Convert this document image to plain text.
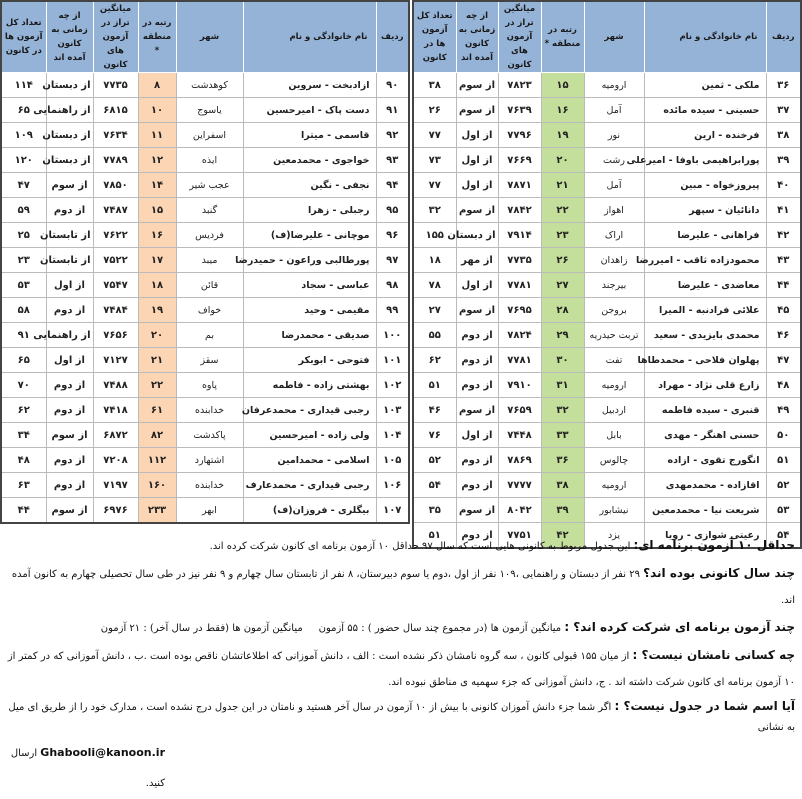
ردیف	نام خانوادگی و نام	شهر	رتبه در منطقه *	میانگین تراز در آزمون های کانون	از چه زمانی به کانون آمده اند	تعداد کل آزمون ها در کانون
۹۰	ازادبخت - سروین	کوهدشت	۸	۷۷۳۵	از دبستان	۱۱۴
۹۱	دست پاک - امیرحسین	یاسوج	۱۰	۶۸۱۵	از راهنمایی	۶۵
۹۲	قاسمی - میترا	اسفراین	۱۱	۷۶۳۴	از دبستان	۱۰۹
۹۳	خواجوی - محمدمعین	ایذه	۱۲	۷۷۸۹	از دبستان	۱۲۰
۹۴	نجفی - نگین	عجب شیر	۱۴	۷۸۵۰	از سوم	۴۷
۹۵	رجبلی - زهرا	گنبد	۱۵	۷۴۸۷	از دوم	۵۹
۹۶	موچانی - علیرضا(ف)	فردیس	۱۶	۷۶۲۲	از تابستان	۲۵
۹۷	پورطالبی وراعون - حمیدرضا	میبد	۱۷	۷۵۲۲	از تابستان	۲۳
۹۸	عباسی - سجاد	قائن	۱۸	۷۵۴۷	از اول	۵۳
۹۹	مقیمی - وحید	خواف	۱۹	۷۴۸۴	از دوم	۵۸
۱۰۰	صدیقی - محمدرضا	بم	۲۰	۷۶۵۶	از راهنمایی	۹۱
۱۰۱	فتوحی - ابوبکر	سقز	۲۱	۷۱۲۷	از اول	۶۵
۱۰۲	بهشتی زاده - فاطمه	پاوه	۲۲	۷۴۸۸	از دوم	۷۰
۱۰۳	رجبی قیداری - محمدعرفان	خدابنده	۶۱	۷۴۱۸	از دوم	۶۲
۱۰۴	ولی زاده - امیرحسین	پاکدشت	۸۲	۶۸۷۲	از سوم	۳۴
۱۰۵	اسلامی - محمدامین	اشتهارد	۱۱۲	۷۲۰۸	از دوم	۴۸
۱۰۶	رجبی قیداری - محمدعارف	خدابنده	۱۶۰	۷۱۹۷	از دوم	۶۳
۱۰۷	بیگلری - فروزان(ف)	ابهر	۲۳۳	۶۹۷۶	از سوم	۴۴
ردیف	نام خانوادگی و نام	شهر	رتبه در منطقه *	میانگین تراز در آزمون های کانون	از چه زمانی به کانون آمده اند	تعداد کل آزمون ها در کانون
۳۶	ملکی - ثمین	ارومیه	۱۵	۷۸۲۳	از سوم	۳۸
۳۷	حسینی - سیده مائده	آمل	۱۶	۷۶۳۹	از سوم	۲۶
۳۸	فرخنده - ارین	نور	۱۹	۷۷۹۶	از اول	۷۷
۳۹	پورابراهیمی باوفا - امیرعلی	رشت	۲۰	۷۶۶۹	از اول	۷۳
۴۰	پیروزخواه - مبین	آمل	۲۱	۷۸۷۱	از اول	۷۷
۴۱	دانائیان - سپهر	اهواز	۲۲	۷۸۴۲	از سوم	۳۲
۴۲	فراهانی - علیرضا	اراک	۲۳	۷۹۱۴	از دبستان	۱۵۵
۴۳	محمودزاده ثاقب - امیررضا	زاهدان	۲۶	۷۷۳۵	از مهر	۱۸
۴۴	معاضدی - علیرضا	بیرجند	۲۷	۷۷۸۱	از اول	۷۸
۴۵	علائی فرادنبه - المیرا	بروجن	۲۸	۷۶۹۵	از سوم	۲۷
۴۶	محمدی بایزیدی - سعید	تربت حیدریه	۲۹	۷۸۲۴	از دوم	۵۵
۴۷	پهلوان فلاحی - محمدطاها	تفت	۳۰	۷۷۸۱	از دوم	۶۲
۴۸	زارع قلی نژاد - مهراد	ارومیه	۳۱	۷۹۱۰	از دوم	۵۱
۴۹	قنبری - سیده فاطمه	اردبیل	۳۲	۷۶۵۹	از سوم	۴۶
۵۰	حسنی اهنگر - مهدی	بابل	۳۳	۷۴۴۸	از اول	۷۶
۵۱	انگورج تقوی - ازاده	چالوس	۳۶	۷۸۶۹	از دوم	۵۲
۵۲	اقازاده - محمدمهدی	ارومیه	۳۸	۷۷۷۷	از دوم	۵۴
۵۳	شریعت نیا - محمدمعین	نیشابور	۳۹	۸۰۴۲	از سوم	۳۵
۵۴	رعیتی شوازی - رویا	یزد	۴۲	۷۷۵۱	از دوم	۵۱

حداقل ۱۰ آزمون برنامه ای: این جدول مربوط به کانونی هایی است که سال ۹۷ حداقل ۱۰ آزمون برنامه ای کانون شرکت کرده اند.

چند سال کانونی بوده اند؟ ۲۹ نفر از دبستان و راهنمایی ،۱۰۹ نفر از اول ،دوم یا سوم دبیرستان، ۸ نفر از تابستان سال چهارم و ۹ نفر نیز در طی سال تحصیلی چهارم به کانون آمده اند.

چند آزمون برنامه ای شرکت کرده اند؟ : میانگین آزمون ها (در مجموع چند سال حضور ) : ۵۵ آزمون     میانگین آزمون ها (فقط در سال آخر) : ۲۱ آزمون

چه کسانی نامشان نیست؟ : از میان ۱۵۵ قبولی کانون ، سه گروه نامشان ذکر نشده است : الف ، دانش آموزانی که اطلاعاتشان ناقص بوده است .ب ، دانش آموزانی که در کمتر از ۱۰ آزمون برنامه ای کانون شرکت داشته اند . ج، دانش آموزانی که جزء سهمیه ی مناطق نبوده اند.

آیا اسم شما در جدول نیست؟ : اگر شما جزء دانش آموزان کانونی با بیش از ۱۰ آزمون در سال آخر هستید و نامتان در این جدول درج نشده است ، مدارک خود را از طریق ای میل به نشانی

Ghabooli@kanoon.ir ارسال کنید.
